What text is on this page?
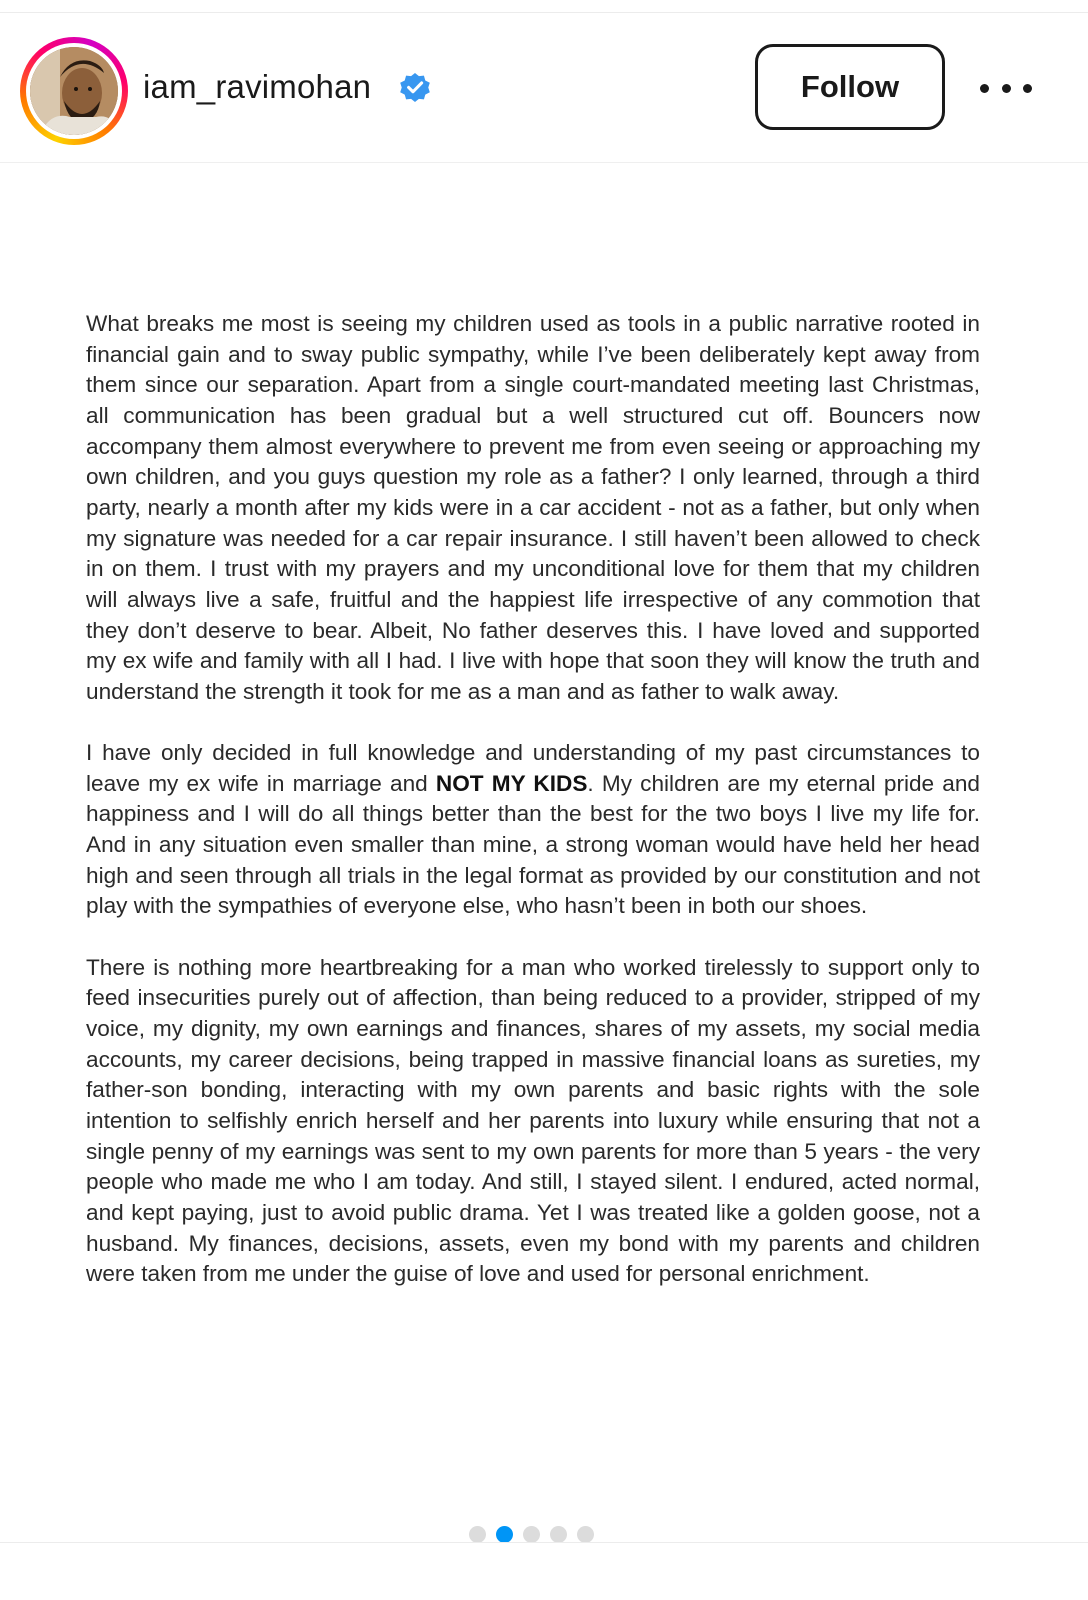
iam_ravimohan	Follow

What breaks me most is seeing my children used as tools in a public narrative rooted in financial gain and to sway public sympathy, while I’ve been deliberately kept away from them since our separation. Apart from a single court-mandated meeting last Christmas, all communication has been gradual but a well structured cut off. Bouncers now accompany them almost everywhere to prevent me from even seeing or approaching my own children, and you guys question my role as a father? I only learned, through a third party, nearly a month after my kids were in a car accident - not as a father, but only when my signature was needed for a car repair insurance. I still haven’t been allowed to check in on them. I trust with my prayers and my unconditional love for them that my children will always live a safe, fruitful and the happiest life irrespective of any commotion that they don’t deserve to bear. Albeit, No father deserves this. I have loved and supported my ex wife and family with all I had. I live with hope that soon they will know the truth and understand the strength it took for me as a man and as father to walk away.

I have only decided in full knowledge and understanding of my past circumstances to leave my ex wife in marriage and NOT MY KIDS. My children are my eternal pride and happiness and I will do all things better than the best for the two boys I live my life for. And in any situation even smaller than mine, a strong woman would have held her head high and seen through all trials in the legal format as provided by our constitution and not play with the sympathies of everyone else, who hasn’t been in both our shoes.

There is nothing more heartbreaking for a man who worked tirelessly to support only to feed insecurities purely out of affection, than being reduced to a provider, stripped of my voice, my dignity, my own earnings and finances, shares of my assets, my social media accounts, my career decisions, being trapped in massive financial loans as sureties, my father-son bonding, interacting with my own parents and basic rights with the sole intention to selfishly enrich herself and her parents into luxury while ensuring that not a single penny of my earnings was sent to my own parents for more than 5 years - the very people who made me who I am today. And still, I stayed silent. I endured, acted normal, and kept paying, just to avoid public drama. Yet I was treated like a golden goose, not a husband. My finances, decisions, assets, even my bond with my parents and children were taken from me under the guise of love and used for personal enrichment.
